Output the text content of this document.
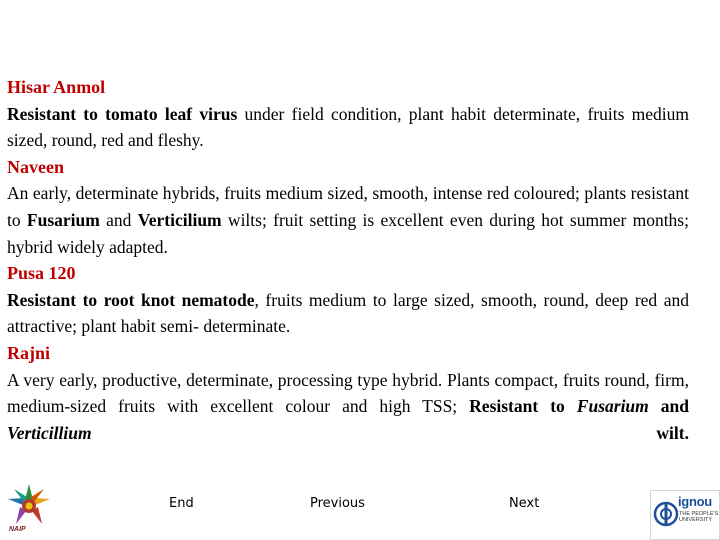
Hisar Anmol
Resistant to tomato leaf virus under field condition, plant habit determinate, fruits medium sized, round, red and fleshy.
Naveen
An early, determinate hybrids, fruits medium sized, smooth, intense red coloured; plants resistant to Fusarium and Verticilium wilts; fruit setting is excellent even during hot summer months; hybrid widely adapted.
Pusa 120
Resistant to root knot nematode, fruits medium to large sized, smooth, round, deep red and attractive; plant habit semi- determinate.
Rajni
A very early, productive, determinate, processing type hybrid. Plants compact, fruits round, firm, medium-sized fruits with excellent colour and high TSS; Resistant to Fusarium and Verticillium wilt.
End	Previous	Next
NAIP
ignou
THE PEOPLE'S UNIVERSITY
